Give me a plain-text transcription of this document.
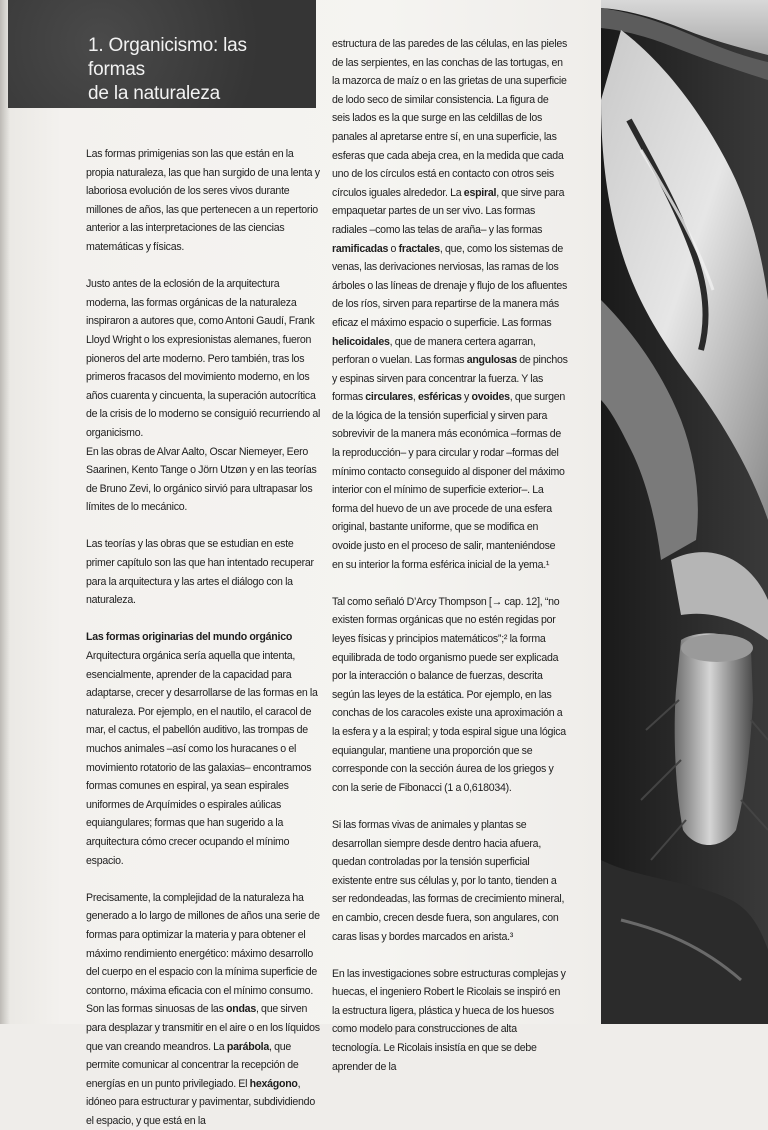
1. Organicismo: las formas
de la naturaleza

Las formas primigenias son las que están en la propia naturaleza, las que han surgido de una lenta y laboriosa evolución de los seres vivos durante millones de años, las que pertenecen a un repertorio anterior a las interpretaciones de las ciencias matemáticas y físicas.

Justo antes de la eclosión de la arquitectura moderna, las formas orgánicas de la naturaleza inspiraron a autores que, como Antoni Gaudí, Frank Lloyd Wright o los expresionistas alemanes, fueron pioneros del arte moderno. Pero también, tras los primeros fracasos del movimiento moderno, en los años cuarenta y cincuenta, la superación autocrítica de la crisis de lo moderno se consiguió recurriendo al organicismo.

En las obras de Alvar Aalto, Oscar Niemeyer, Eero Saarinen, Kento Tange o Jörn Utzøn y en las teorías de Bruno Zevi, lo orgánico sirvió para ultrapasar los límites de lo mecánico.

Las teorías y las obras que se estudian en este primer capítulo son las que han intentado recuperar para la arquitectura y las artes el diálogo con la naturaleza.

Las formas originarias del mundo orgánico

Arquitectura orgánica sería aquella que intenta, esencialmente, aprender de la capacidad para adaptarse, crecer y desarrollarse de las formas en la naturaleza. Por ejemplo, en el nautilo, el caracol de mar, el cactus, el pabellón auditivo, las trompas de muchos animales –así como los huracanes o el movimiento rotatorio de las galaxias– encontramos formas comunes en espiral, ya sean espirales uniformes de Arquímides o espirales aúlicas equiangulares; formas que han sugerido a la arquitectura cómo crecer ocupando el mínimo espacio.

Precisamente, la complejidad de la naturaleza ha generado a lo largo de millones de años una serie de formas para optimizar la materia y para obtener el máximo rendimiento energético: máximo desarrollo del cuerpo en el espacio con la mínima superficie de contorno, máxima eficacia con el mínimo consumo. Son las formas sinuosas de las ondas, que sirven para desplazar y transmitir en el aire o en los líquidos que van creando meandros. La parábola, que permite comunicar al concentrar la recepción de energías en un punto privilegiado. El hexágono, idóneo para estructurar y pavimentar, subdividiendo el espacio, y que está en la

estructura de las paredes de las células, en las pieles de las serpientes, en las conchas de las tortugas, en la mazorca de maíz o en las grietas de una superficie de lodo seco de similar consistencia. La figura de seis lados es la que surge en las celdillas de los panales al apretarse entre sí, en una superficie, las esferas que cada abeja crea, en la medida que cada uno de los círculos está en contacto con otros seis círculos iguales alrededor. La espiral, que sirve para empaquetar partes de un ser vivo. Las formas radiales –como las telas de araña– y las formas ramificadas o fractales, que, como los sistemas de venas, las derivaciones nerviosas, las ramas de los árboles o las líneas de drenaje y flujo de los afluentes de los ríos, sirven para repartirse de la manera más eficaz el máximo espacio o superficie. Las formas helicoidales, que de manera certera agarran, perforan o vuelan. Las formas angulosas de pinchos y espinas sirven para concentrar la fuerza. Y las formas circulares, esféricas y ovoides, que surgen de la lógica de la tensión superficial y sirven para sobrevivir de la manera más económica –formas de la reproducción– y para circular y rodar –formas del mínimo contacto conseguido al disponer del máximo interior con el mínimo de superficie exterior–. La forma del huevo de un ave procede de una esfera original, bastante uniforme, que se modifica en ovoide justo en el proceso de salir, manteniéndose en su interior la forma esférica inicial de la yema.¹

Tal como señaló D’Arcy Thompson [→ cap. 12], “no existen formas orgánicas que no estén regidas por leyes físicas y principios matemáticos”;² la forma equilibrada de todo organismo puede ser explicada por la interacción o balance de fuerzas, descrita según las leyes de la estática. Por ejemplo, en las conchas de los caracoles existe una aproximación a la esfera y a la espiral; y toda espiral sigue una lógica equiangular, mantiene una proporción que se corresponde con la sección áurea de los griegos y con la serie de Fibonacci (1 a 0,618034).

Si las formas vivas de animales y plantas se desarrollan siempre desde dentro hacia afuera, quedan controladas por la tensión superficial existente entre sus células y, por lo tanto, tienden a ser redondeadas, las formas de crecimiento mineral, en cambio, crecen desde fuera, son angulares, con caras lisas y bordes marcados en arista.³

En las investigaciones sobre estructuras complejas y huecas, el ingeniero Robert le Ricolais se inspiró en la estructura ligera, plástica y hueca de los huesos como modelo para construcciones de alta tecnología. Le Ricolais insistía en que se debe aprender de la
